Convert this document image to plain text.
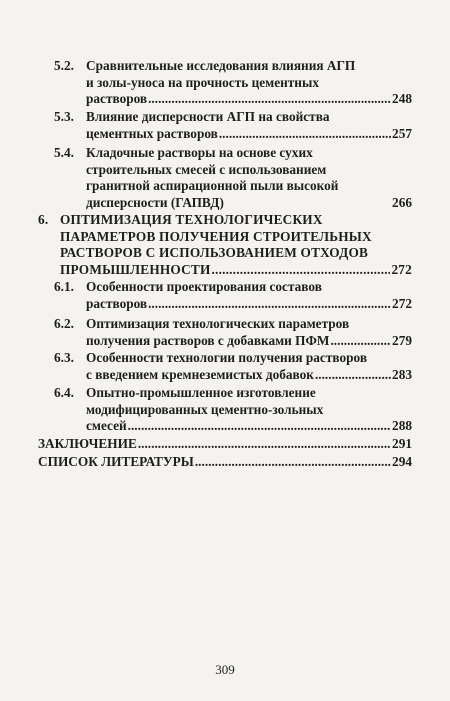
5.2. Сравнительные исследования влияния АГП
и золы-уноса на прочность цементных
растворов .....	248
5.3. Влияние дисперсности АГП на свойства
цементных растворов .....	257
5.4. Кладочные растворы на основе сухих
строительных смесей с использованием
гранитной аспирационной пыли высокой
дисперсности (ГАПВД)	266
6. ОПТИМИЗАЦИЯ ТЕХНОЛОГИЧЕСКИХ
ПАРАМЕТРОВ ПОЛУЧЕНИЯ СТРОИТЕЛЬНЫХ
РАСТВОРОВ С ИСПОЛЬЗОВАНИЕМ ОТХОДОВ
ПРОМЫШЛЕННОСТИ .....	272
6.1. Особенности проектирования составов
растворов .....	272
6.2. Оптимизация технологических параметров
получения растворов с добавками ПФМ .....	279
6.3. Особенности технологии получения растворов
с введением кремнеземистых добавок .....	283
6.4. Опытно-промышленное изготовление
модифицированных цементно-зольных
смесей .....	288
ЗАКЛЮЧЕНИЕ .....	291
СПИСОК ЛИТЕРАТУРЫ .....	294
309
